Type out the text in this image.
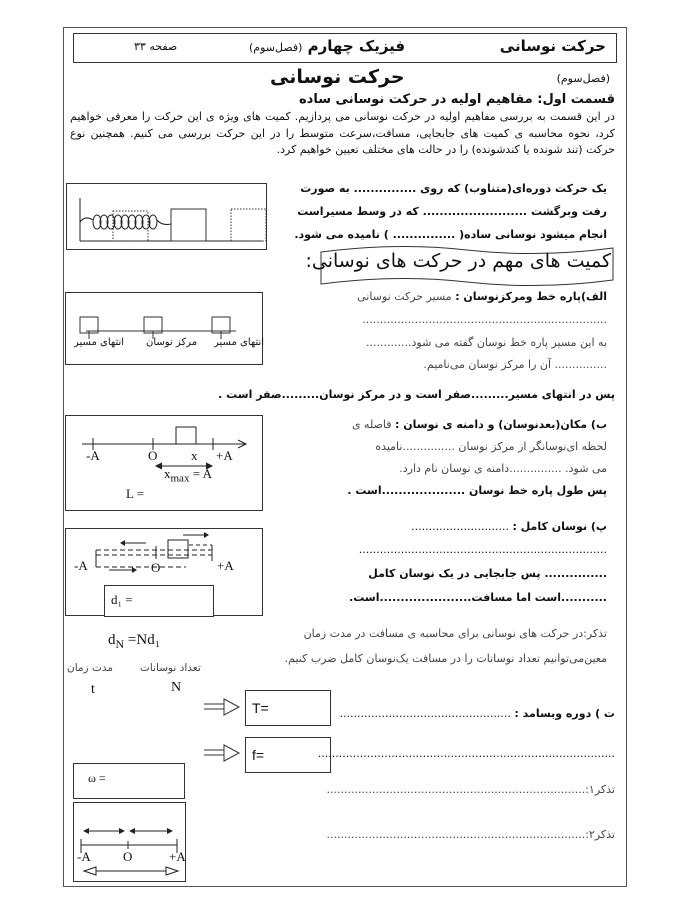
حرکت نوسانی
فیزیک چهارم (فصل‌سوم)
صفحه ۳۳
حرکت نوسانی	(فصل‌سوم)
قسمت اول: مفاهیم اولیه در حرکت نوسانی ساده
در این قسمت به بررسی مفاهیم اولیه در حرکت نوسانی می پردازیم. کمیت های ویژه ی این حرکت را معرفی خواهیم کرد، نحوه محاسبه ی کمیت های جابجایی، مسافت،سرعت متوسط را در این حرکت بررسی می کنیم. همچنین نوع حرکت (تند شونده یا کندشونده) را در حالت های مختلف تعیین خواهیم کرد.
یک حرکت دوره‌ای(متناوب) که روی ............... به صورت
رفت وبرگشت ......................... که در وسط مسیراست
انجام میشود نوسانی ساده( ............... ) نامیده می شود.
کمیت های مهم در حرکت های نوسانی:
انتهای مسیر
مرکز نوسان
انتهای مسیر
الف)پاره خط ومرکزنوسان : مسیر حرکت نوسانی
......................................................................
به این مسیر پاره خط نوسان گفته می شود.............
............... آن را مرکز نوسان می‌نامیم.
پس در انتهای مسیر.........صفر است و در مرکز نوسان.........صفر است .
-A	O	x +A
$x_{max} = A$
L =
ب) مکان(بعدنوسان) و دامنه ی نوسان : فاصله ی
لحظه ای‌نوسانگر از مرکز نوسان ...............نامیده
می شود. ...............دامنه ی نوسان نام دارد.
پس طول پاره خط نوسان ....................است .
-A	O	+A
d₁ =
پ) نوسان کامل : ............................
.......................................................................
............... پس جابجایی در یک نوسان کامل
...........است اما مسافت......................است.
$d_N =Nd_1$
تعداد نوسانات
مدت زمان
N
t
تذکر:در حرکت های نوسانی برای محاسبه ی مسافت در مدت زمان
معین‌می‌توانیم تعداد نوسانات را در مسافت یک‌نوسان کامل ضرب کنیم.
T=
f=
ت ) دوره وبسامد : .................................................
.....................................................................................
ω =
-A O	+A
تذکر۱:..........................................................................
تذکر۲:..........................................................................
